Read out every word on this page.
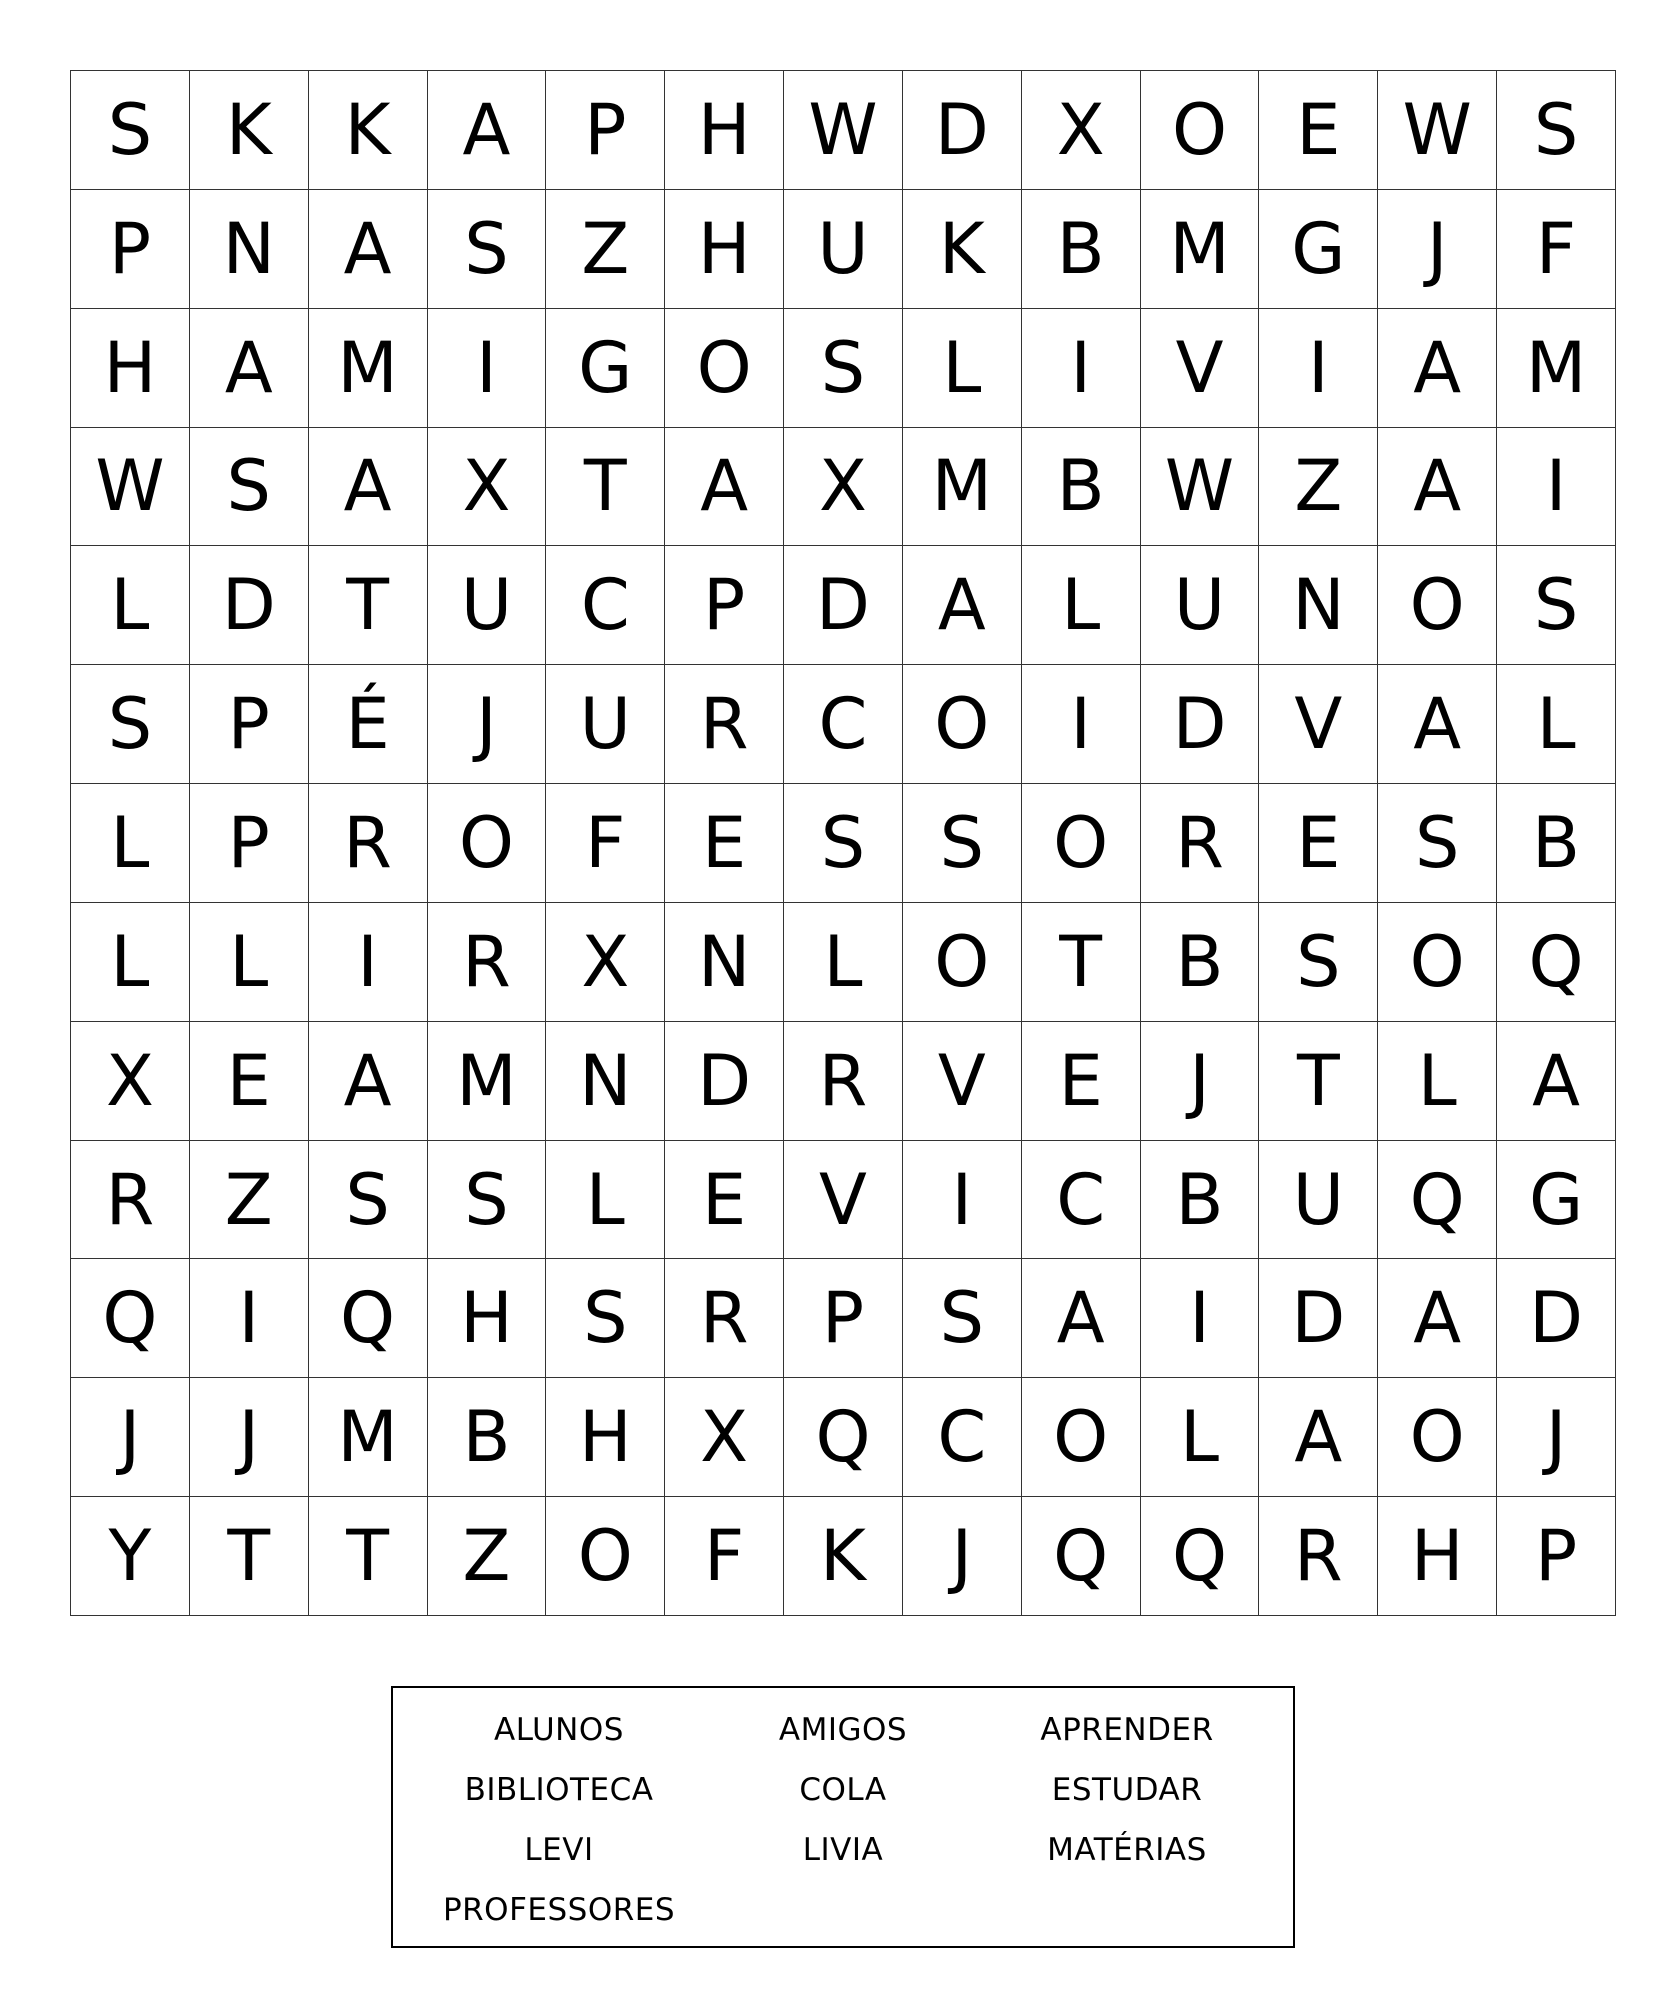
S	K	K	A	P	H W D X O E W S
P	N A	S	Z H U	K	B M G	J	F
H A M	I	G O S	L	I	V	I	A M
W S	A	X	T	A	X M B W Z	A	I
L	D	T	U C	P	D A	L	U N O S
S	P	É	J	U R	C O	I	D V	A	L
L	P	R O	F	E	S	S O R	E	S	B
L	L	I	R	X N	L	O T	B	S O Q
X	E	A M N D R	V	E	J	T	L	A
R	Z	S	S	L	E	V	I	C	B U Q G
Q	I	Q H	S	R	P	S	A	I	D A D
J	J	M B H X Q C O	L	A O	J
Y	T	T	Z O	F	K	J	Q Q R H	P
ALUNOS	AMIGOS	APRENDER
BIBLIOTECA	COLA	ESTUDAR
LEVI	LIVIA	MATÉRIAS
PROFESSORES
